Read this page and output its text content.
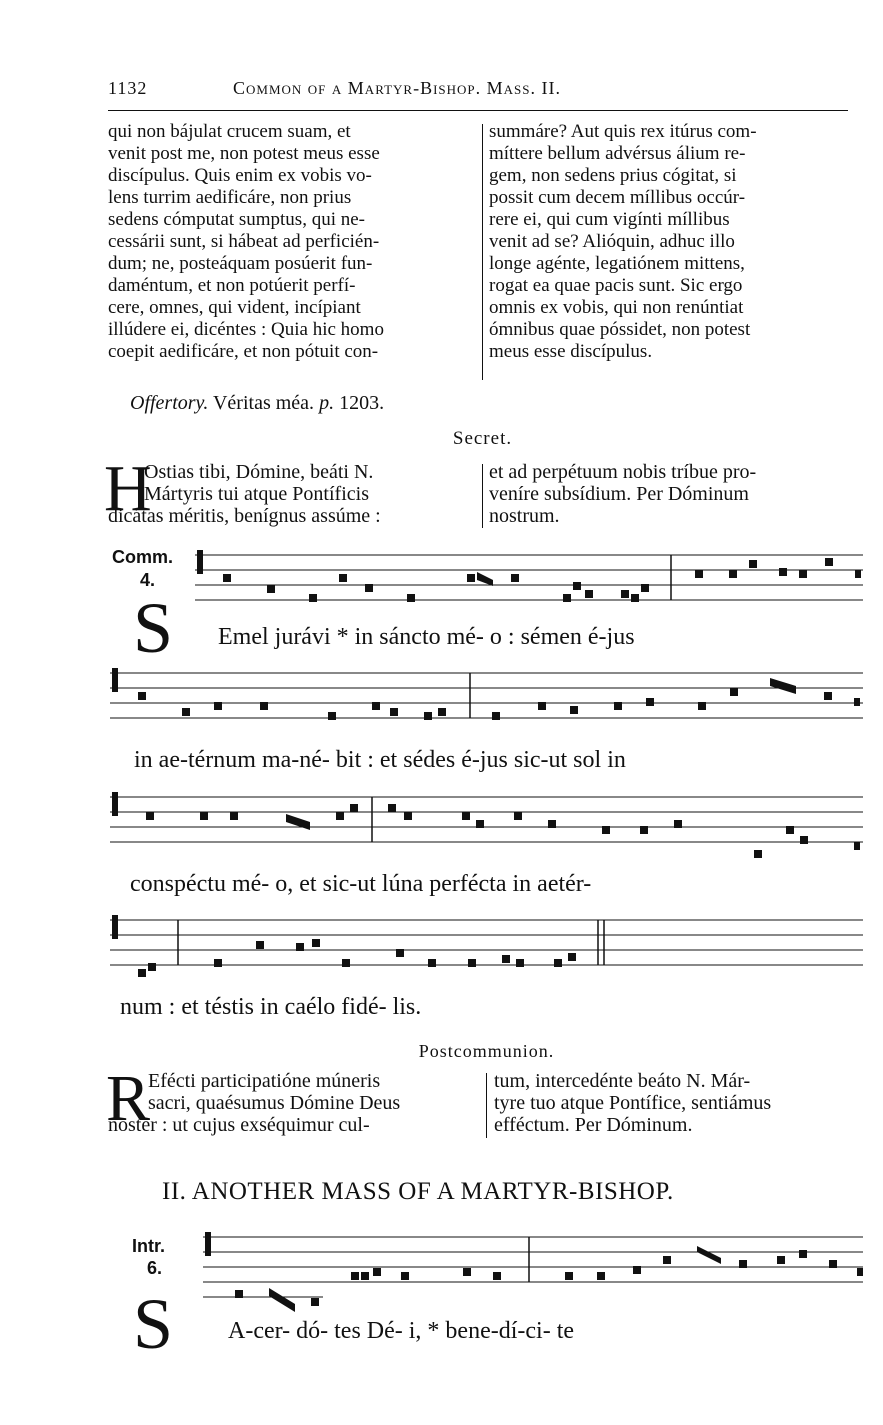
1132	Common of a Martyr-Bishop. Mass. II.
qui non bájulat crucem suam, et
venit post me, non potest meus esse
discípulus. Quis enim ex vobis vo-
lens turrim aedificáre, non prius
sedens cómputat sumptus, qui ne-
cessárii sunt, si hábeat ad perficién-
dum; ne, posteáquam posúerit fun-
daméntum, et non potúerit perfí-
cere, omnes, qui vident, incípiant
illúdere ei, dicéntes : Quia hic homo
coepit aedificáre, et non pótuit con-
summáre? Aut quis rex itúrus com-
míttere bellum advérsus álium re-
gem, non sedens prius cógitat, si
possit cum decem míllibus occúr-
rere ei, qui cum vigínti míllibus
venit ad se? Alióquin, adhuc illo
longe agénte, legatiónem mittens,
rogat ea quae pacis sunt. Sic ergo
omnis ex vobis, qui non renúntiat
ómnibus quae póssidet, non potest
meus esse discípulus.
Offertory. Véritas méa. p. 1203.
Secret.
H
Ostias tibi, Dómine, beáti N.
Mártyris tui atque Pontíficis
dicátas méritis, benígnus assúme :
et ad perpétuum nobis tríbue pro-
veníre subsídium. Per Dóminum
nostrum.
Comm.
4.
S Emel jurávi * in sáncto mé- o : sémen é-jus
in ae-térnum ma-né- bit : et sédes é-jus sic-ut sol in
conspéctu mé- o, et sic-ut lúna perfécta in aetér-
num : et téstis in caélo fidé- lis.
Postcommunion.
R
Efécti participatióne múneris
sacri, quaésumus Dómine Deus
noster : ut cujus exséquimur cul-
tum, intercedénte beáto N. Már-
tyre tuo atque Pontífice, sentiámus
efféctum. Per Dóminum.
II. ANOTHER MASS OF A MARTYR-BISHOP.
Intr.
6.
S A-cer- dó- tes Dé- i, * bene-dí-ci- te
